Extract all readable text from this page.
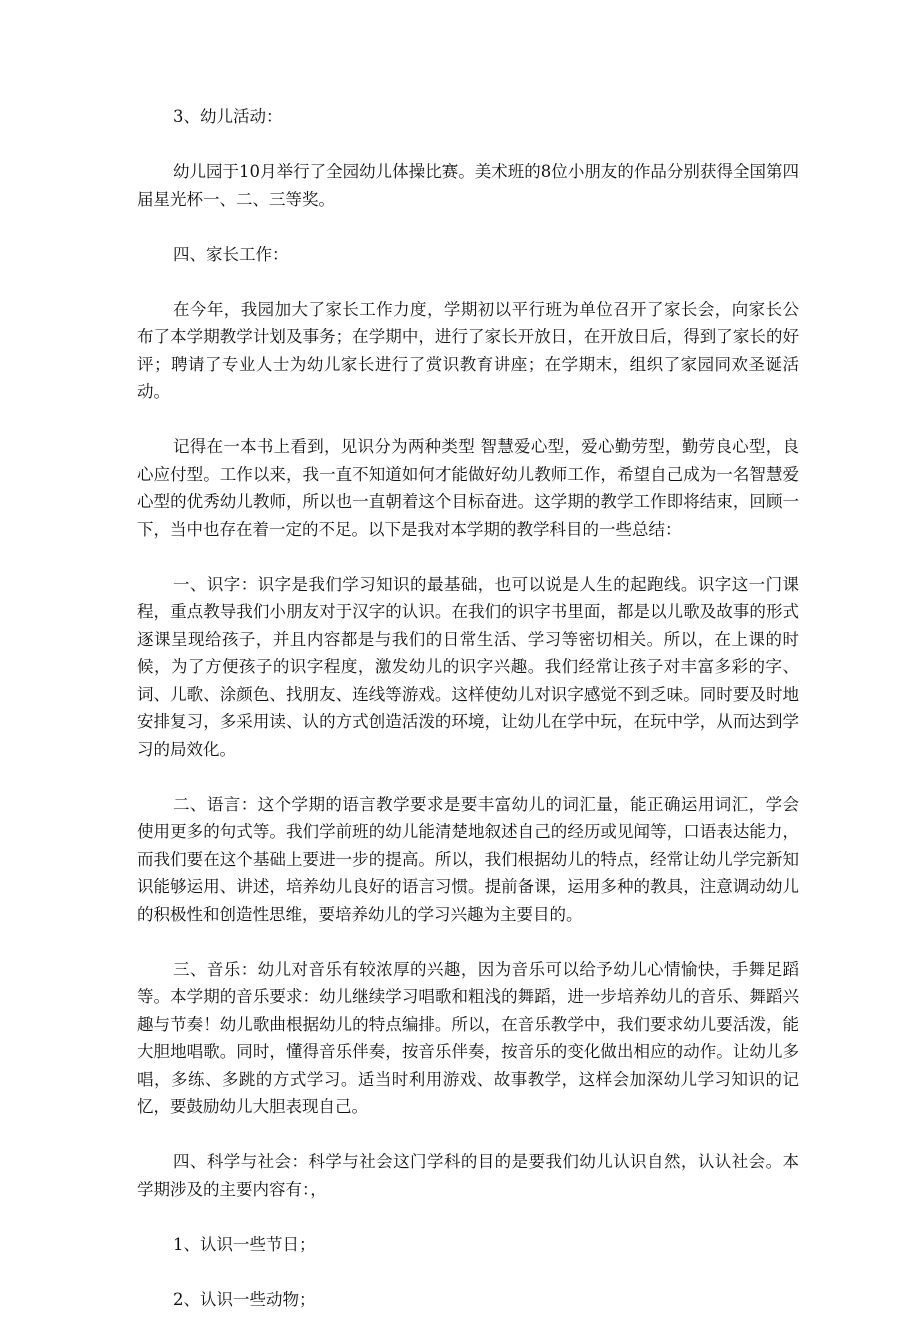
3、幼儿活动：

幼儿园于10月举行了全园幼儿体操比赛。美术班的8位小朋友的作品分别获得全国第四届星光杯一、二、三等奖。

四、家长工作：

在今年，我园加大了家长工作力度，学期初以平行班为单位召开了家长会，向家长公布了本学期教学计划及事务；在学期中，进行了家长开放日，在开放日后，得到了家长的好评；聘请了专业人士为幼儿家长进行了赏识教育讲座；在学期末，组织了家园同欢圣诞活动。

记得在一本书上看到，见识分为两种类型 智慧爱心型，爱心勤劳型，勤劳良心型，良心应付型。工作以来，我一直不知道如何才能做好幼儿教师工作，希望自己成为一名智慧爱心型的优秀幼儿教师，所以也一直朝着这个目标奋进。这学期的教学工作即将结束，回顾一下，当中也存在着一定的不足。以下是我对本学期的教学科目的一些总结：

一、识字：识字是我们学习知识的最基础，也可以说是人生的起跑线。识字这一门课程，重点教导我们小朋友对于汉字的认识。在我们的识字书里面，都是以儿歌及故事的形式逐课呈现给孩子，并且内容都是与我们的日常生活、学习等密切相关。所以，在上课的时候，为了方便孩子的识字程度，激发幼儿的识字兴趣。我们经常让孩子对丰富多彩的字、词、儿歌、涂颜色、找朋友、连线等游戏。这样使幼儿对识字感觉不到乏味。同时要及时地安排复习，多采用读、认的方式创造活泼的环境，让幼儿在学中玩，在玩中学，从而达到学习的局效化。

二、语言：这个学期的语言教学要求是要丰富幼儿的词汇量，能正确运用词汇，学会使用更多的句式等。我们学前班的幼儿能清楚地叙述自己的经历或见闻等，口语表达能力，而我们要在这个基础上要进一步的提高。所以，我们根据幼儿的特点，经常让幼儿学完新知识能够运用、讲述，培养幼儿良好的语言习惯。提前备课，运用多种的教具，注意调动幼儿的积极性和创造性思维，要培养幼儿的学习兴趣为主要目的。

三、音乐：幼儿对音乐有较浓厚的兴趣，因为音乐可以给予幼儿心情愉快，手舞足蹈等。本学期的音乐要求：幼儿继续学习唱歌和粗浅的舞蹈，进一步培养幼儿的音乐、舞蹈兴趣与节奏！幼儿歌曲根据幼儿的特点编排。所以，在音乐教学中，我们要求幼儿要活泼，能大胆地唱歌。同时，懂得音乐伴奏，按音乐伴奏，按音乐的变化做出相应的动作。让幼儿多唱，多练、多跳的方式学习。适当时利用游戏、故事教学，这样会加深幼儿学习知识的记忆，要鼓励幼儿大胆表现自己。

四、科学与社会：科学与社会这门学科的目的是要我们幼儿认识自然，认认社会。本学期涉及的主要内容有：，

1、认识一些节日；

2、认识一些动物；
